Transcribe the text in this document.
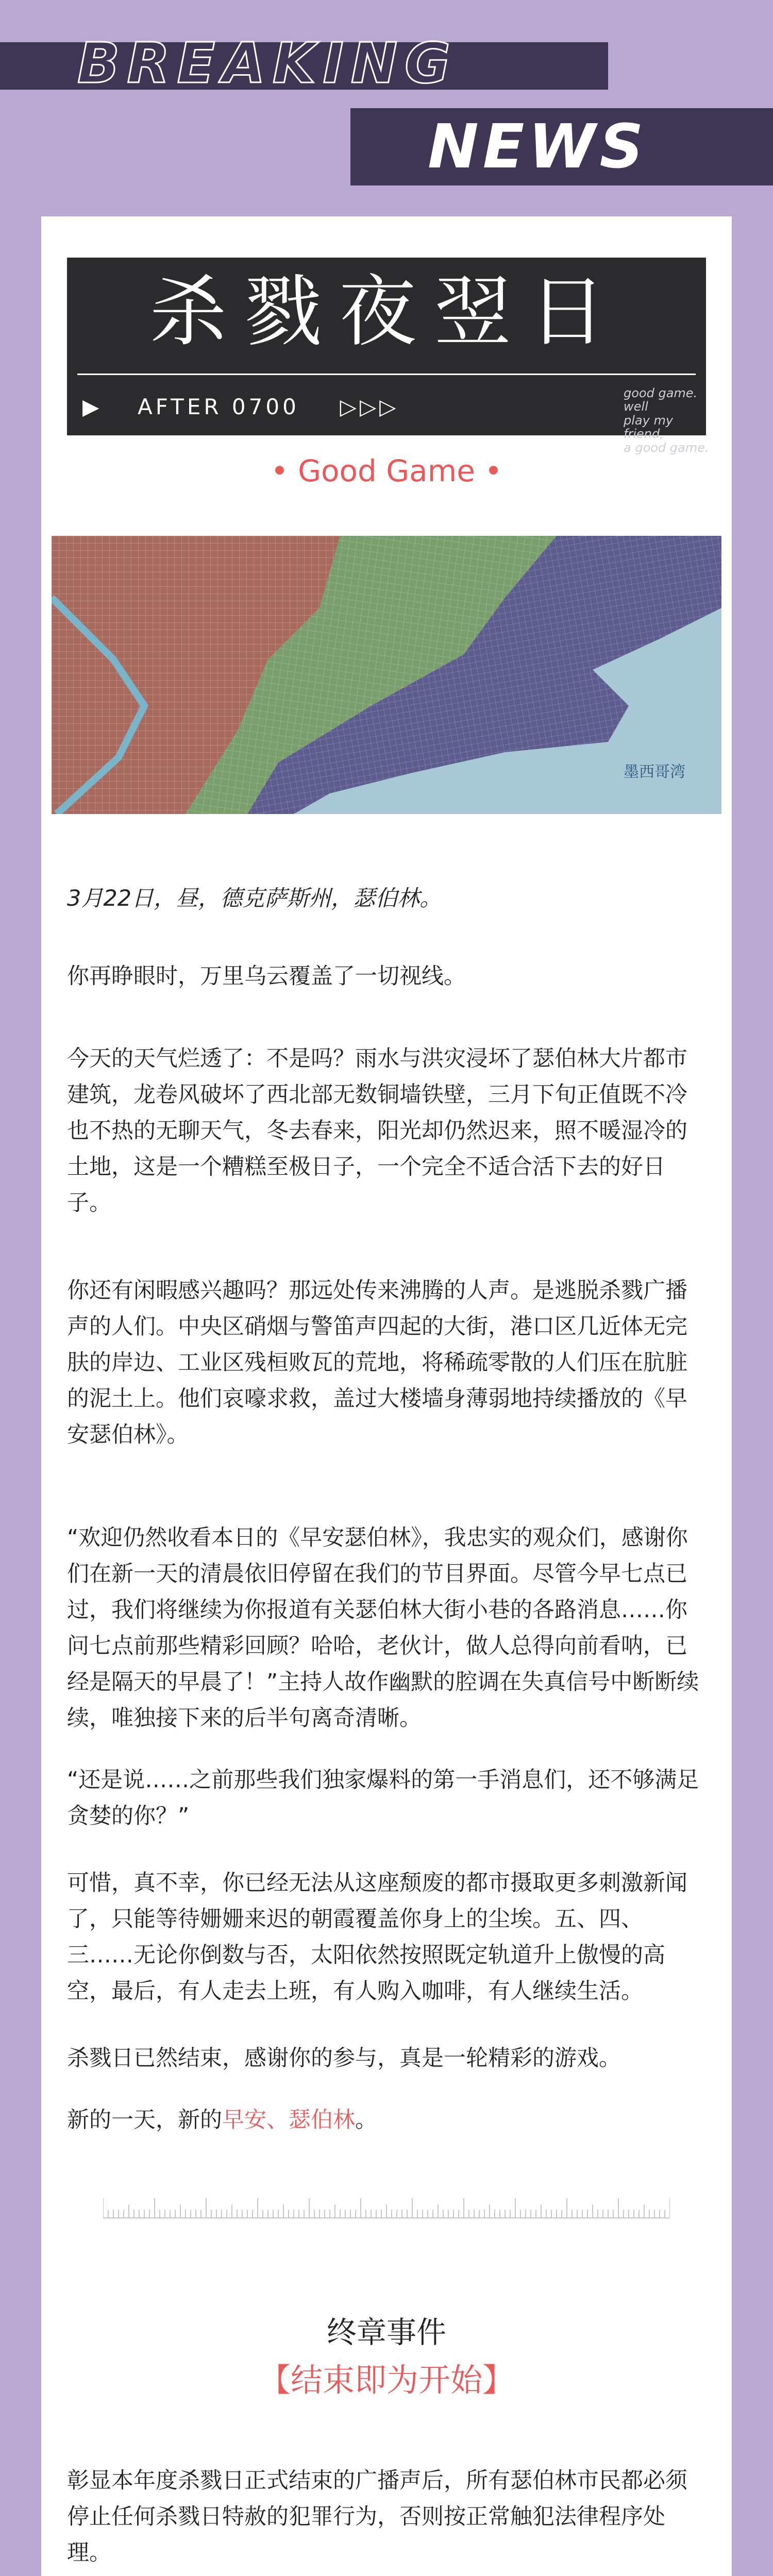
BREAKING
NEWS
杀戮夜翌日
▶ AFTER 0700 ▷▷▷
good game. well
play my friend,
a good game.
• Good Game •
墨西哥湾
3月22日，昼，德克萨斯州，瑟伯林。

你再睁眼时，万里乌云覆盖了一切视线。

今天的天气烂透了：不是吗？雨水与洪灾浸坏了瑟伯林大片都市建筑，龙卷风破坏了西北部无数铜墙铁壁，三月下旬正值既不冷也不热的无聊天气，冬去春来，阳光却仍然迟来，照不暖湿冷的土地，这是一个糟糕至极日子，一个完全不适合活下去的好日子。

你还有闲暇感兴趣吗？那远处传来沸腾的人声。是逃脱杀戮广播声的人们。中央区硝烟与警笛声四起的大街，港口区几近体无完肤的岸边、工业区残桓败瓦的荒地，将稀疏零散的人们压在肮脏的泥土上。他们哀嚎求救，盖过大楼墙身薄弱地持续播放的《早安瑟伯林》。

“欢迎仍然收看本日的《早安瑟伯林》，我忠实的观众们，感谢你们在新一天的清晨依旧停留在我们的节目界面。尽管今早七点已过，我们将继续为你报道有关瑟伯林大街小巷的各路消息……你问七点前那些精彩回顾？哈哈，老伙计，做人总得向前看呐，已经是隔天的早晨了！”主持人故作幽默的腔调在失真信号中断断续续，唯独接下来的后半句离奇清晰。

“还是说……之前那些我们独家爆料的第一手消息们，还不够满足贪婪的你？”

可惜，真不幸，你已经无法从这座颓废的都市摄取更多刺激新闻了，只能等待姗姗来迟的朝霞覆盖你身上的尘埃。五、四、三……无论你倒数与否，太阳依然按照既定轨道升上傲慢的高空，最后，有人走去上班，有人购入咖啡，有人继续生活。

杀戮日已然结束，感谢你的参与，真是一轮精彩的游戏。

新的一天，新的早安、瑟伯林。

终章事件
【结束即为开始】

彰显本年度杀戮日正式结束的广播声后，所有瑟伯林市民都必须停止任何杀戮日特赦的犯罪行为，否则按正常触犯法律程序处理。
